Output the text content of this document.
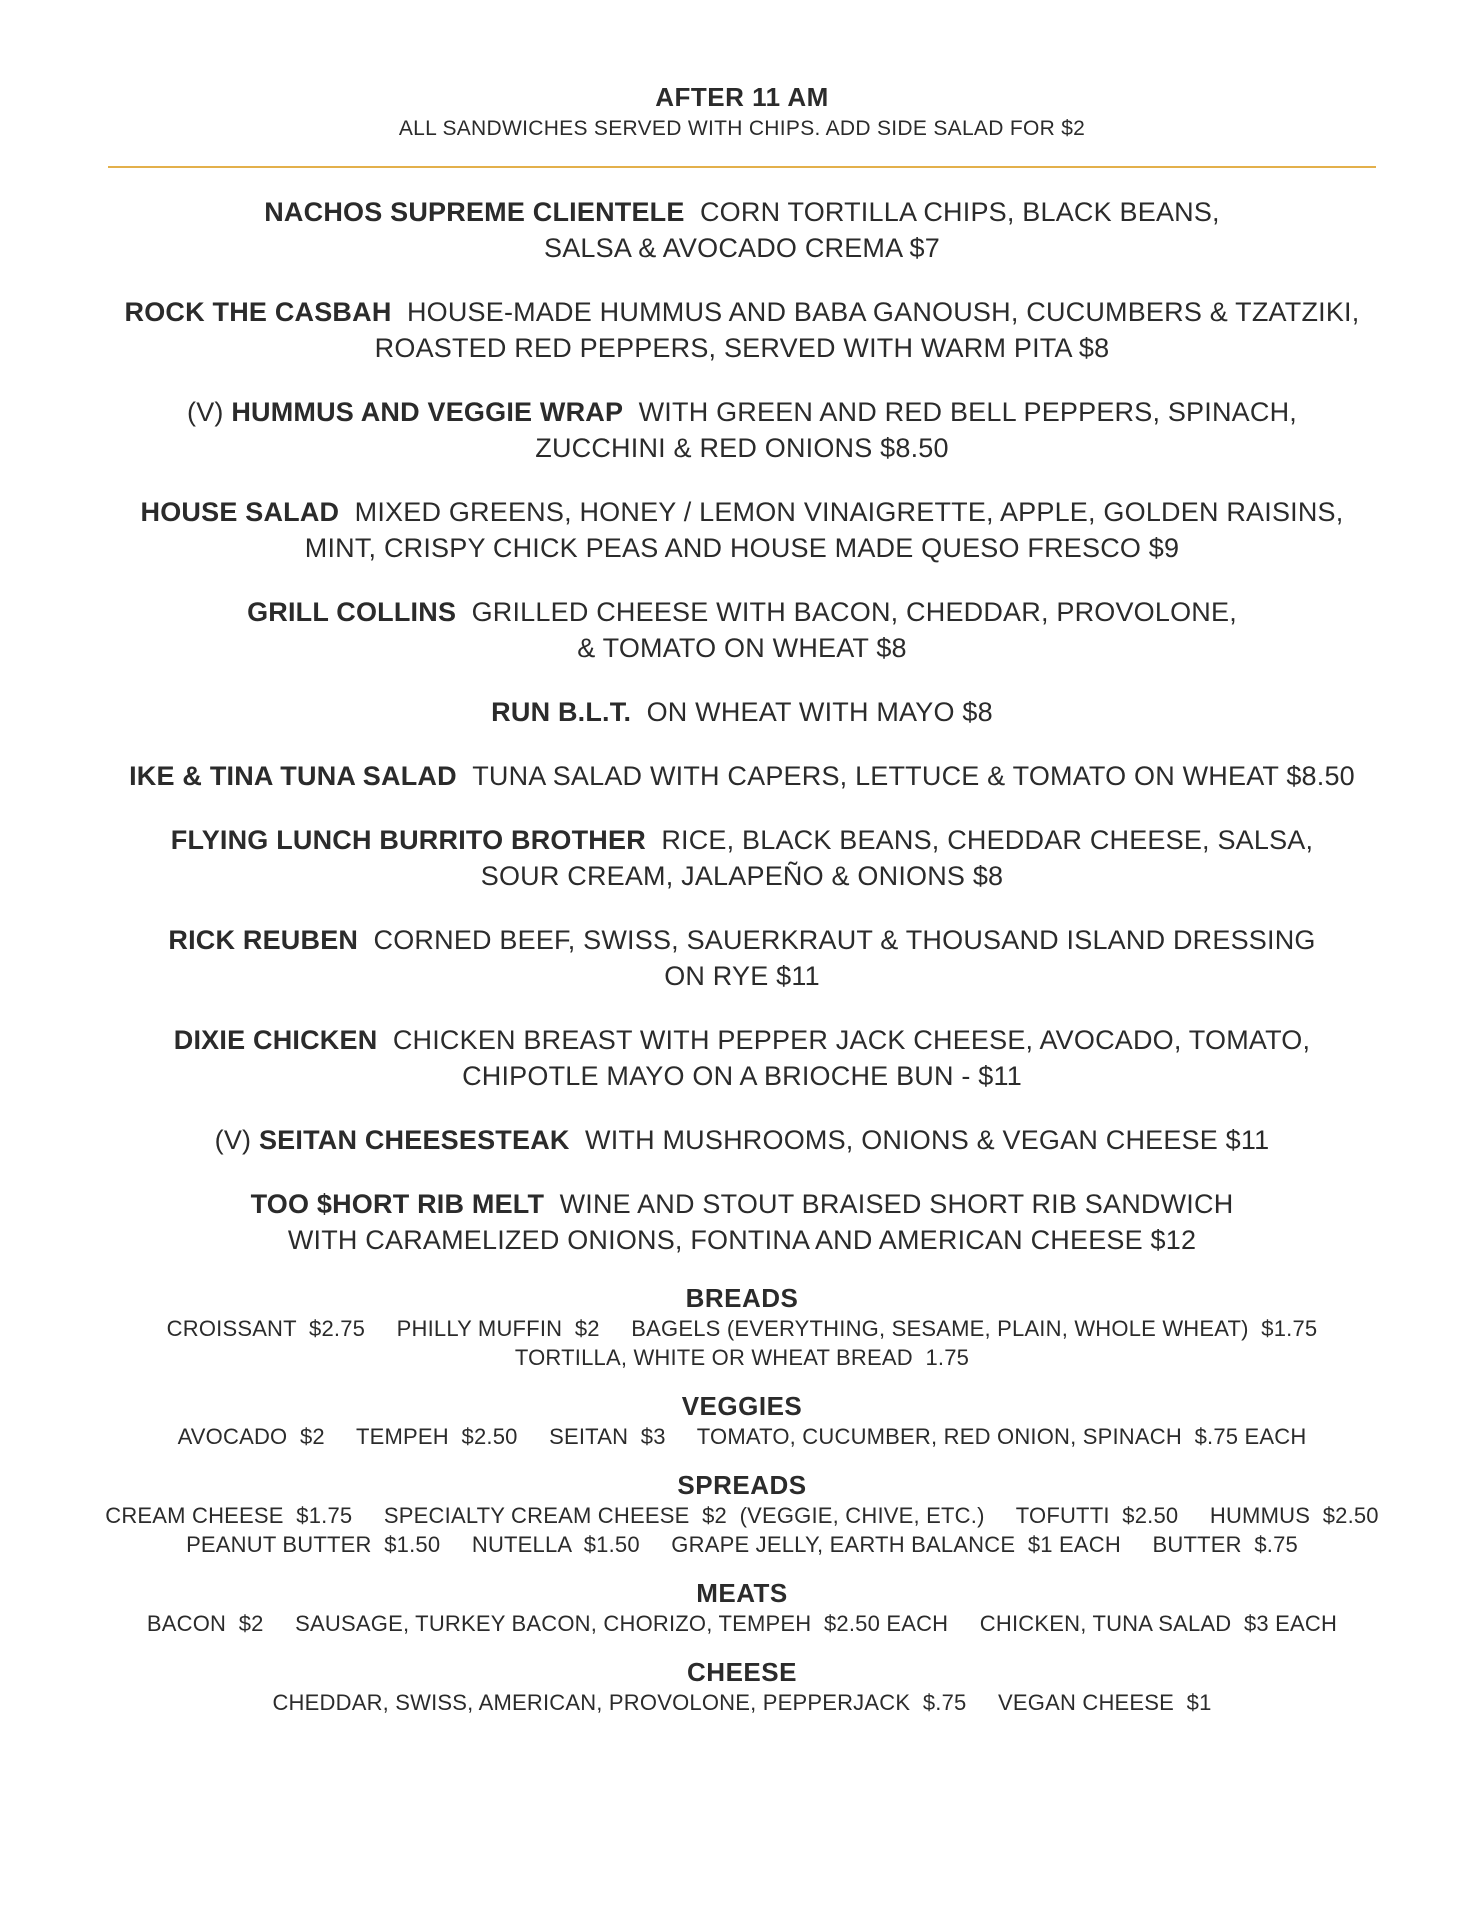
AFTER 11 AM
ALL SANDWICHES SERVED WITH CHIPS. ADD SIDE SALAD FOR $2
NACHOS SUPREME CLIENTELE CORN TORTILLA CHIPS, BLACK BEANS,
SALSA & AVOCADO CREMA $7
ROCK THE CASBAH HOUSE-MADE HUMMUS AND BABA GANOUSH, CUCUMBERS & TZATZIKI,
ROASTED RED PEPPERS, SERVED WITH WARM PITA $8
(V) HUMMUS AND VEGGIE WRAP WITH GREEN AND RED BELL PEPPERS, SPINACH,
ZUCCHINI & RED ONIONS $8.50
HOUSE SALAD MIXED GREENS, HONEY / LEMON VINAIGRETTE, APPLE, GOLDEN RAISINS,
MINT, CRISPY CHICK PEAS AND HOUSE MADE QUESO FRESCO $9
GRILL COLLINS GRILLED CHEESE WITH BACON, CHEDDAR, PROVOLONE,
& TOMATO ON WHEAT $8
RUN B.L.T. ON WHEAT WITH MAYO $8
IKE & TINA TUNA SALAD TUNA SALAD WITH CAPERS, LETTUCE & TOMATO ON WHEAT $8.50
FLYING LUNCH BURRITO BROTHER RICE, BLACK BEANS, CHEDDAR CHEESE, SALSA,
SOUR CREAM, JALAPEÑO & ONIONS $8
RICK REUBEN CORNED BEEF, SWISS, SAUERKRAUT & THOUSAND ISLAND DRESSING
ON RYE $11
DIXIE CHICKEN CHICKEN BREAST WITH PEPPER JACK CHEESE, AVOCADO, TOMATO,
CHIPOTLE MAYO ON A BRIOCHE BUN - $11
(V) SEITAN CHEESESTEAK WITH MUSHROOMS, ONIONS & VEGAN CHEESE $11
TOO $HORT RIB MELT WINE AND STOUT BRAISED SHORT RIB SANDWICH
WITH CARAMELIZED ONIONS, FONTINA AND AMERICAN CHEESE $12
BREADS
CROISSANT  $2.75     PHILLY MUFFIN  $2     BAGELS (EVERYTHING, SESAME, PLAIN, WHOLE WHEAT)  $1.75
TORTILLA, WHITE OR WHEAT BREAD  1.75
VEGGIES
AVOCADO  $2     TEMPEH  $2.50     SEITAN  $3     TOMATO, CUCUMBER, RED ONION, SPINACH  $.75 EACH
SPREADS
CREAM CHEESE  $1.75     SPECIALTY CREAM CHEESE  $2  (VEGGIE, CHIVE, ETC.)     TOFUTTI  $2.50     HUMMUS  $2.50
PEANUT BUTTER  $1.50     NUTELLA  $1.50     GRAPE JELLY, EARTH BALANCE  $1 EACH     BUTTER  $.75
MEATS
BACON  $2     SAUSAGE, TURKEY BACON, CHORIZO, TEMPEH  $2.50 EACH     CHICKEN, TUNA SALAD  $3 EACH
CHEESE
CHEDDAR, SWISS, AMERICAN, PROVOLONE, PEPPERJACK  $.75     VEGAN CHEESE  $1
